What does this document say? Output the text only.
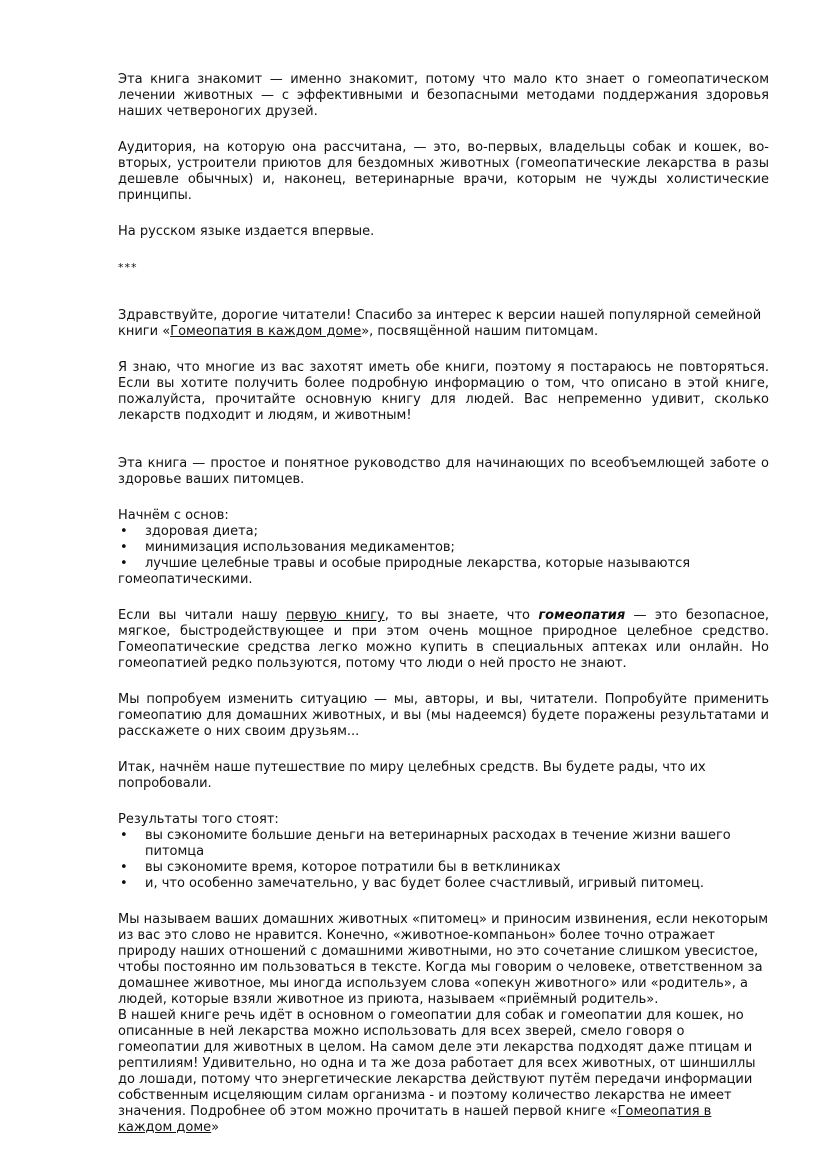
Эта книга знакомит — именно знакомит, потому что мало кто знает о гомеопатическом лечении животных — с эффективными и безопасными методами поддержания здоровья наших четвероногих друзей.

Аудитория, на которую она рассчитана, — это, во-первых, владельцы собак и кошек, во-вторых, устроители приютов для бездомных животных (гомеопатические лекарства в разы дешевле обычных) и, наконец, ветеринарные врачи, которым не чужды холистические принципы.

На русском языке издается впервые.

***

Здравствуйте, дорогие читатели! Спасибо за интерес к версии нашей популярной семейной книги «Гомеопатия в каждом доме», посвящённой нашим питомцам.

Я знаю, что многие из вас захотят иметь обе книги, поэтому я постараюсь не повторяться. Если вы хотите получить более подробную информацию о том, что описано в этой книге, пожалуйста, прочитайте основную книгу для людей. Вас непременно удивит, сколько лекарств подходит и людям, и животным!

Эта книга — простое и понятное руководство для начинающих по всеобъемлющей заботе о здоровье ваших питомцев.

Начнём с основ:

• здоровая диета;
• минимизация использования медикаментов;
• лучшие целебные травы и особые природные лекарства, которые называются

гомеопатическими.

Если вы читали нашу первую книгу, то вы знаете, что гомеопатия — это безопасное, мягкое, быстродействующее и при этом очень мощное природное целебное средство. Гомеопатические средства легко можно купить в специальных аптеках или онлайн. Но гомеопатией редко пользуются, потому что люди о ней просто не знают.

Мы попробуем изменить ситуацию — мы, авторы, и вы, читатели. Попробуйте применить гомеопатию для домашних животных, и вы (мы надеемся) будете поражены результатами и расскажете о них своим друзьям...

Итак, начнём наше путешествие по миру целебных средств. Вы будете рады, что их попробовали.

Результаты того стоят:

• вы сэкономите большие деньги на ветеринарных расходах в течение жизни вашего питомца
• вы сэкономите время, которое потратили бы в ветклиниках
• и, что особенно замечательно, у вас будет более счастливый, игривый питомец.

Мы называем ваших домашних животных «питомец» и приносим извинения, если некоторым из вас это слово не нравится. Конечно, «животное-компаньон» более точно отражает природу наших отношений с домашними животными, но это сочетание слишком увесистое, чтобы постоянно им пользоваться в тексте. Когда мы говорим о человеке, ответственном за домашнее животное, мы иногда используем слова «опекун животного» или «родитель», а людей, которые взяли животное из приюта, называем «приёмный родитель».

В нашей книге речь идёт в основном о гомеопатии для собак и гомеопатии для кошек, но описанные в ней лекарства можно использовать для всех зверей, смело говоря о гомеопатии для животных в целом. На самом деле эти лекарства подходят даже птицам и рептилиям! Удивительно, но одна и та же доза работает для всех животных, от шиншиллы до лошади, потому что энергетические лекарства действуют путём передачи информации собственным исцеляющим силам организма - и поэтому количество лекарства не имеет значения. Подробнее об этом можно прочитать в нашей первой книге «Гомеопатия в каждом доме»
